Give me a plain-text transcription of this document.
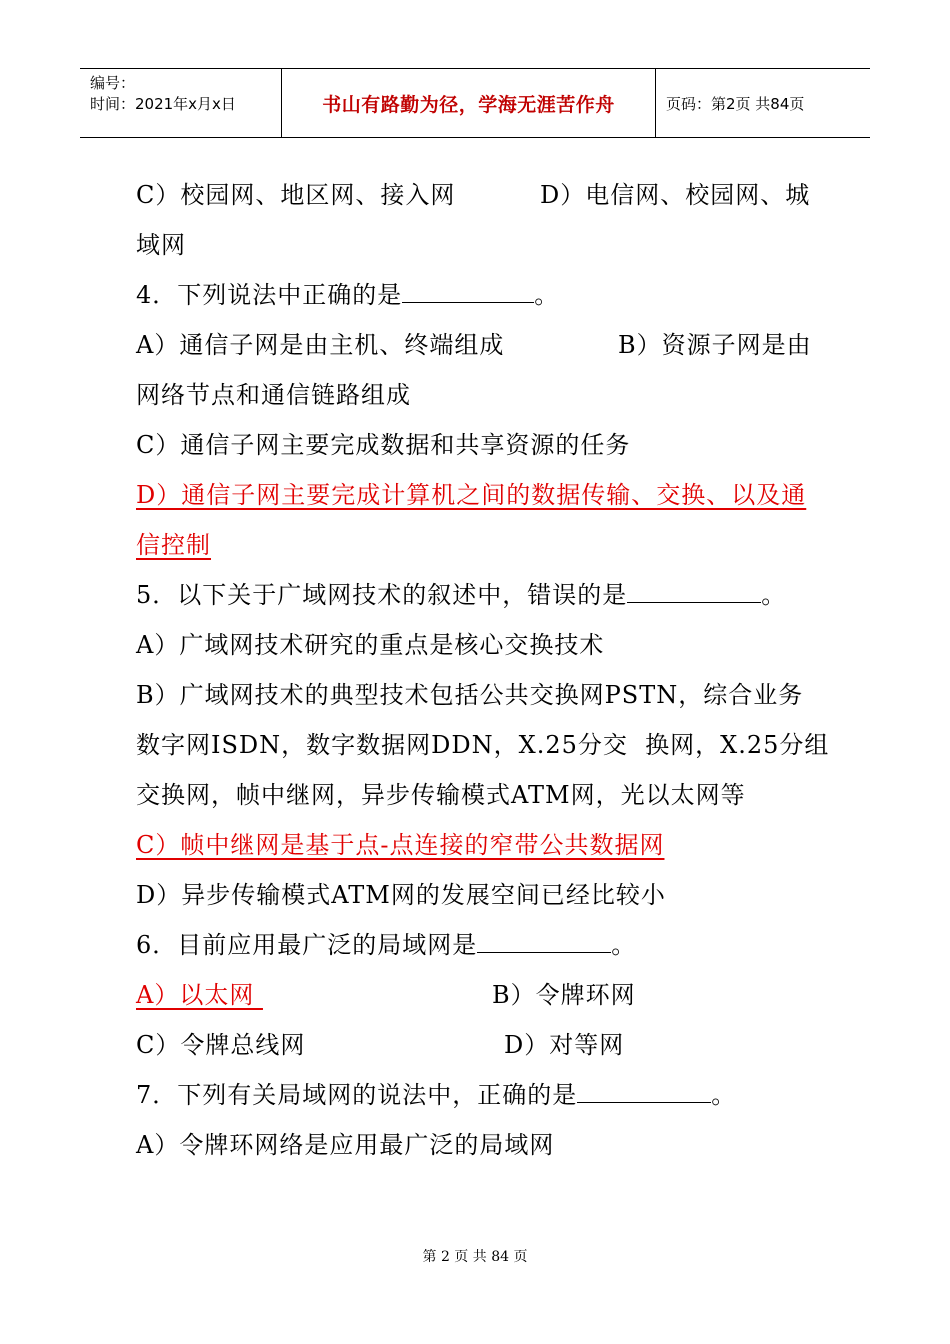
编号：
时间：2021年x月x日	书山有路勤为径，学海无涯苦作舟	页码：第2页 共84页
C）校园网、地区网、接入网	D）电信网、校园网、城
域网
4．下列说法中正确的是	。
A）通信子网是由主机、终端组成	B）资源子网是由
网络节点和通信链路组成
C）通信子网主要完成数据和共享资源的任务
D）通信子网主要完成计算机之间的数据传输、交换、以及通
信控制
5．以下关于广域网技术的叙述中，错误的是	。
A）广域网技术研究的重点是核心交换技术
B）广域网技术的典型技术包括公共交换网PSTN，综合业务
数字网ISDN，数字数据网DDN，X.25分交  换网，X.25分组
交换网，帧中继网，异步传输模式ATM网，光以太网等
C）帧中继网是基于点-点连接的窄带公共数据网
D）异步传输模式ATM网的发展空间已经比较小
6．目前应用最广泛的局域网是	。
A）以太网	B）令牌环网
C）令牌总线网	D）对等网
7．下列有关局域网的说法中，正确的是	。
A）令牌环网络是应用最广泛的局域网
第 2 页 共 84 页
